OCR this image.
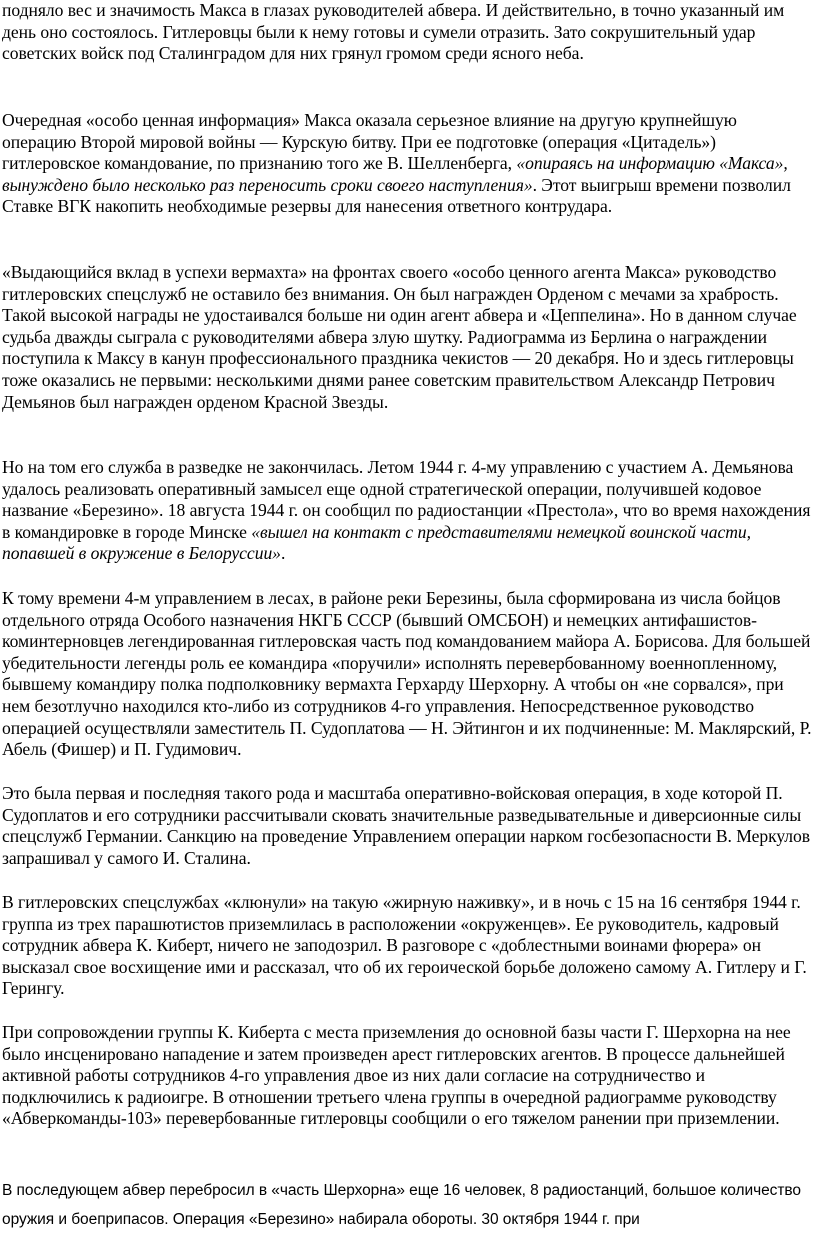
подняло вес и значимость Макса в глазах руководителей абвера. И действительно, в точно указанный им день оно состоялось. Гитлеровцы были к нему готовы и сумели отразить. Зато сокрушительный удар советских войск под Сталинградом для них грянул громом среди ясного неба.

Очередная «особо ценная информация» Макса оказала серьезное влияние на другую крупнейшую операцию Второй мировой войны — Курскую битву. При ее подготовке (операция «Цитадель») гитлеровское командование, по признанию того же В. Шелленберга, «опираясь на информацию «Макса», вынуждено было несколько раз переносить сроки своего наступления». Этот выигрыш времени позволил Ставке ВГК накопить необходимые резервы для нанесения ответного контрудара.

«Выдающийся вклад в успехи вермахта» на фронтах своего «особо ценного агента Макса» руководство гитлеровских спецслужб не оставило без внимания. Он был награжден Орденом с мечами за храбрость. Такой высокой награды не удостаивался больше ни один агент абвера и «Цеппелина». Но в данном случае судьба дважды сыграла с руководителями абвера злую шутку. Радиограмма из Берлина о награждении поступила к Максу в канун профессионального праздника чекистов — 20 декабря. Но и здесь гитлеровцы тоже оказались не первыми: несколькими днями ранее советским правительством Александр Петрович Демьянов был награжден орденом Красной Звезды.

Но на том его служба в разведке не закончилась. Летом 1944 г. 4-му управлению с участием А. Демьянова удалось реализовать оперативный замысел еще одной стратегической операции, получившей кодовое название «Березино». 18 августа 1944 г. он сообщил по радиостанции «Престола», что во время нахождения в командировке в городе Минске «вышел на контакт с представителями немецкой воинской части, попавшей в окружение в Белоруссии».

К тому времени 4-м управлением в лесах, в районе реки Березины, была сформирована из числа бойцов отдельного отряда Особого назначения НКГБ СССР (бывший ОМСБОН) и немецких антифашистов-коминтерновцев легендированная гитлеровская часть под командованием майора А. Борисова. Для большей убедительности легенды роль ее командира «поручили» исполнять перевербованному военнопленному, бывшему командиру полка подполковнику вермахта Герхарду Шерхорну. А чтобы он «не сорвался», при нем безотлучно находился кто-либо из сотрудников 4-го управления. Непосредственное руководство операцией осуществляли заместитель П. Судоплатова — Н. Эйтингон и их подчиненные: М. Маклярский, Р. Абель (Фишер) и П. Гудимович.

Это была первая и последняя такого рода и масштаба оперативно-войсковая операция, в ходе которой П. Судоплатов и его сотрудники рассчитывали сковать значительные разведывательные и диверсионные силы спецслужб Германии. Санкцию на проведение Управлением операции нарком госбезопасности В. Меркулов запрашивал у самого И. Сталина.

В гитлеровских спецслужбах «клюнули» на такую «жирную наживку», и в ночь с 15 на 16 сентября 1944 г. группа из трех парашютистов приземлилась в расположении «окруженцев». Ее руководитель, кадровый сотрудник абвера К. Киберт, ничего не заподозрил. В разговоре с «доблестными воинами фюрера» он высказал свое восхищение ими и рассказал, что об их героической борьбе доложено самому А. Гитлеру и Г. Герингу.

При сопровождении группы К. Киберта с места приземления до основной базы части Г. Шерхорна на нее было инсценировано нападение и затем произведен арест гитлеровских агентов. В процессе дальнейшей активной работы сотрудников 4-го управления двое из них дали согласие на сотрудничество и подключились к радиоигре. В отношении третьего члена группы в очередной радиограмме руководству «Абверкоманды-103» перевербованные гитлеровцы сообщили о его тяжелом ранении при приземлении.

В последующем абвер перебросил в «часть Шерхорна» еще 16 человек, 8 радиостанций, большое количество оружия и боеприпасов. Операция «Березино» набирала обороты. 30 октября 1944 г. при
